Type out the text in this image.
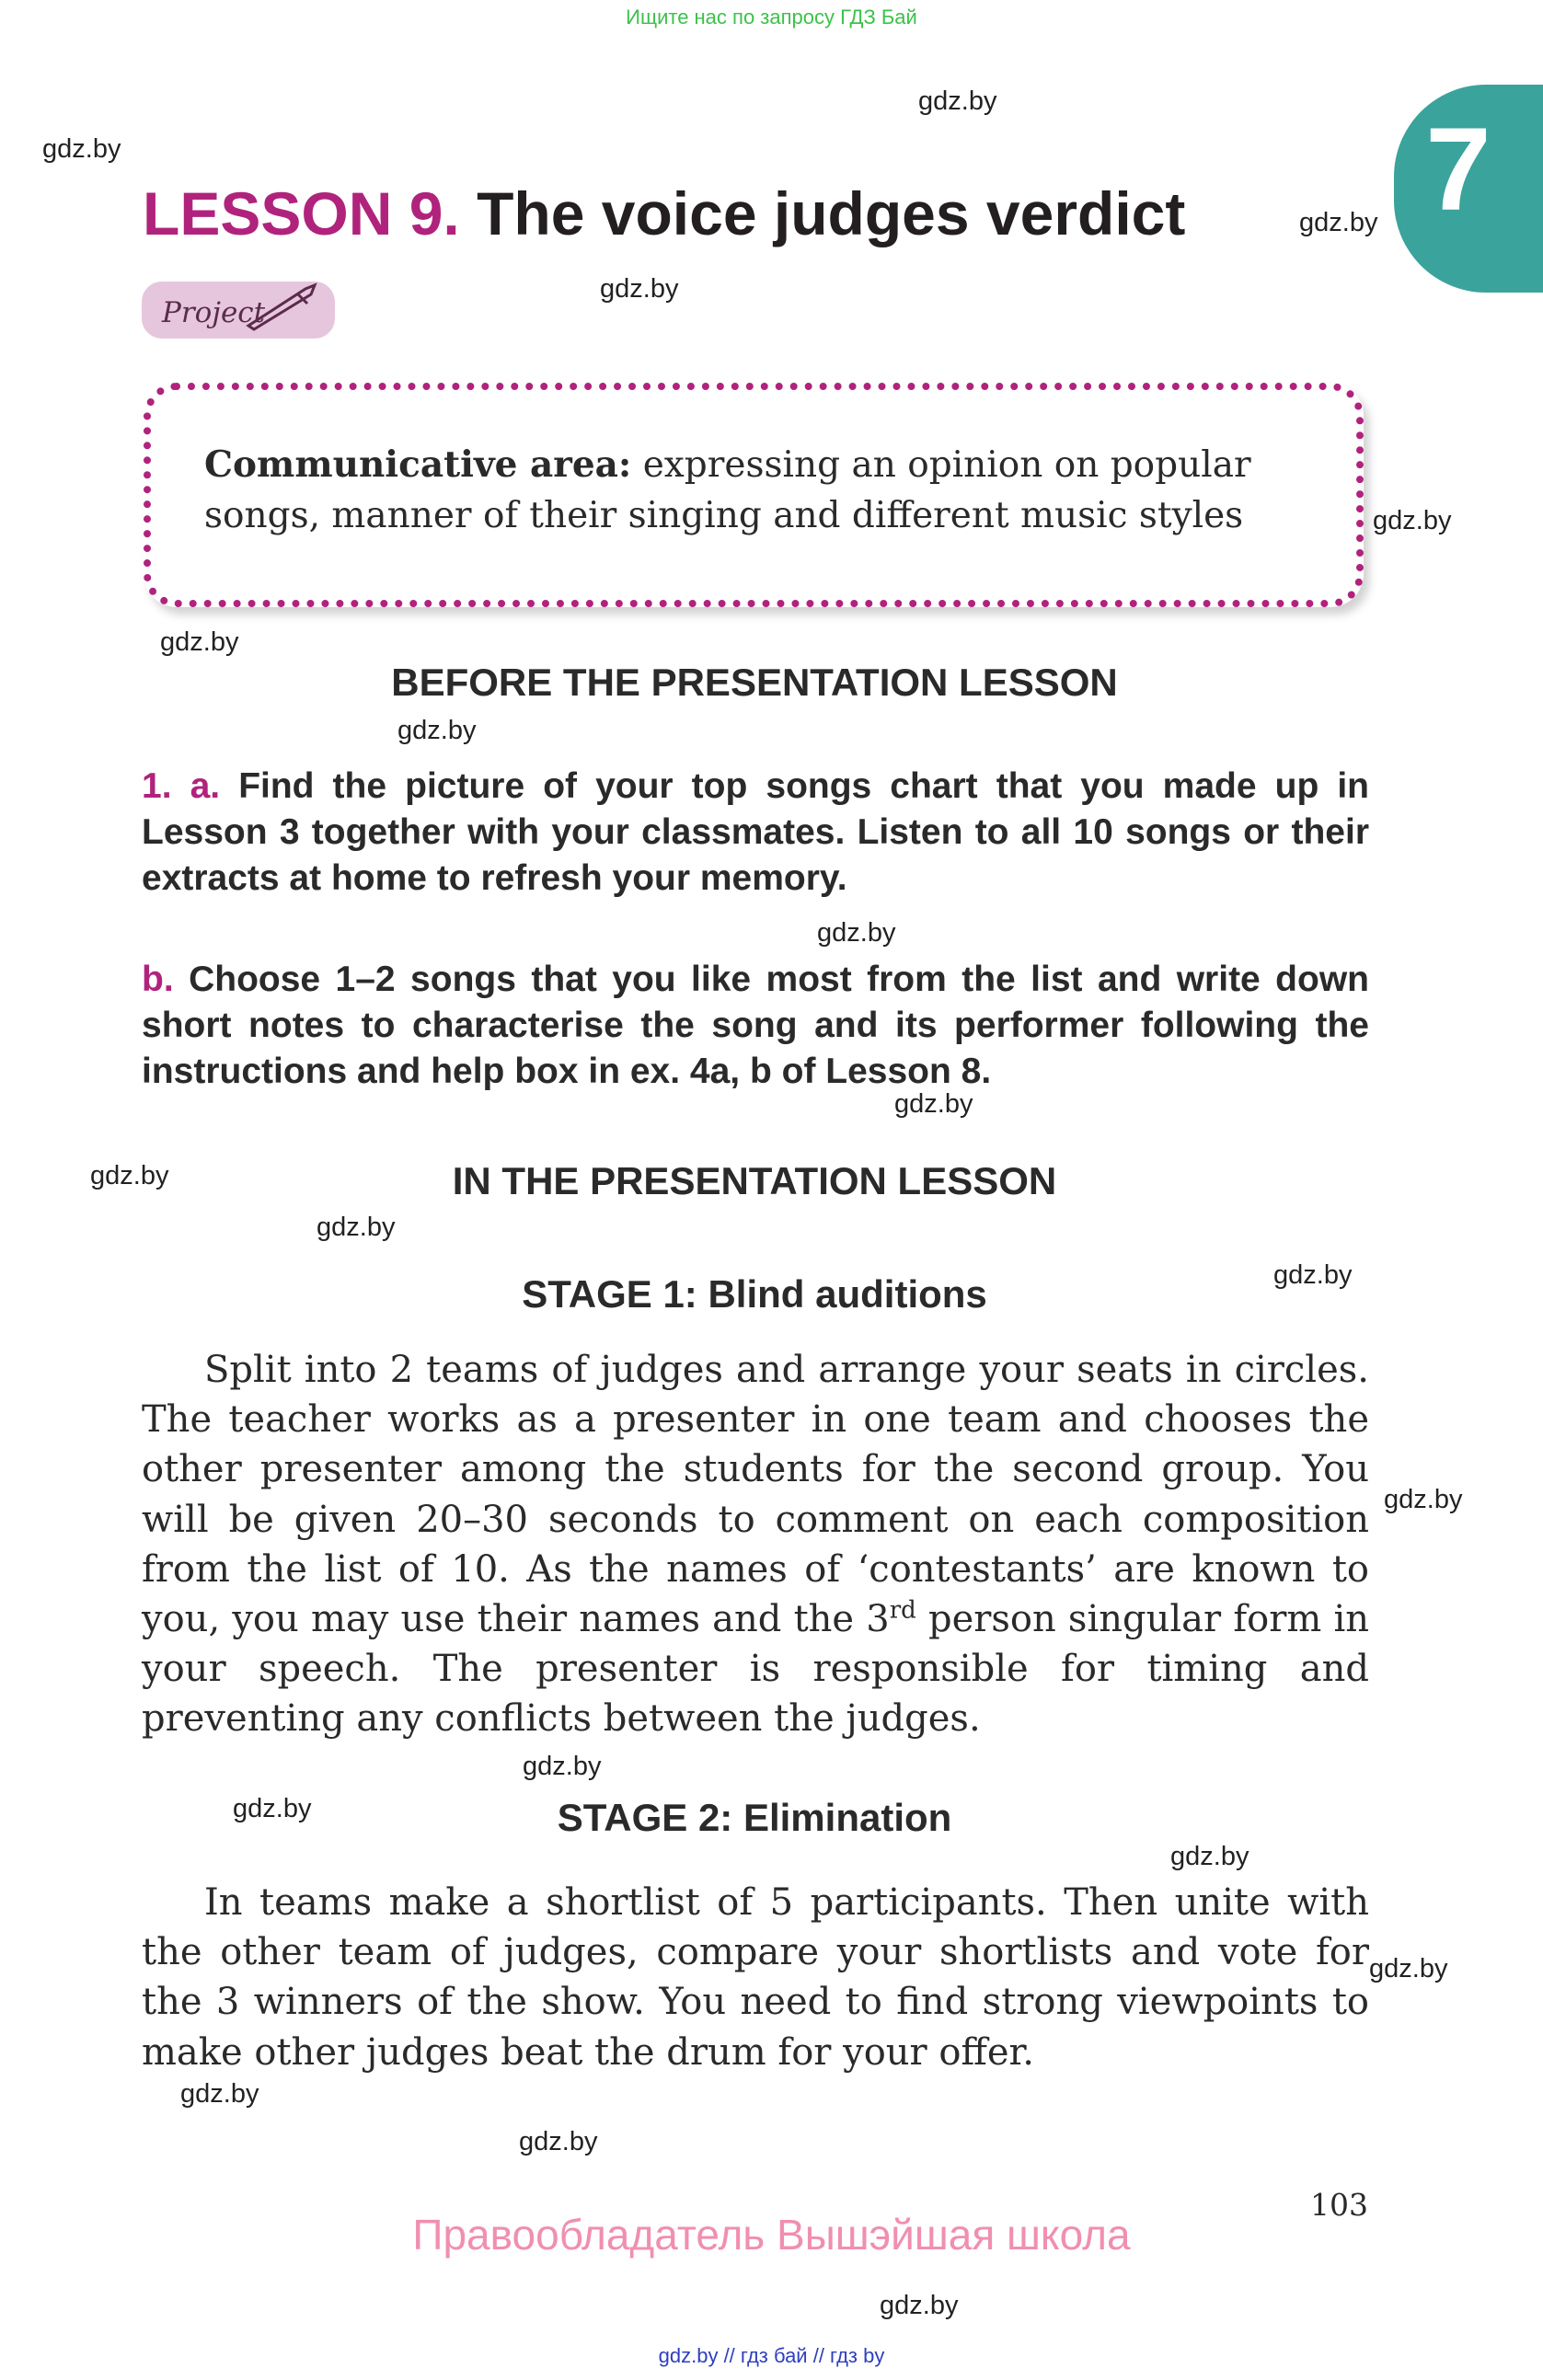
Ищите нас по запросу ГДЗ Бай
7
LESSON 9. The voice judges verdict
Project
Communicative area: expressing an opinion on popular songs, manner of their singing and different music styles
BEFORE THE PRESENTATION LESSON
1. a. Find the picture of your top songs chart that you made up in Lesson 3 together with your classmates. Listen to all 10 songs or their extracts at home to refresh your memory.
b. Choose 1–2 songs that you like most from the list and write down short notes to characterise the song and its performer following the instructions and help box in ex. 4a, b of Lesson 8.
IN THE PRESENTATION LESSON
STAGE 1: Blind auditions
Split into 2 teams of judges and arrange your seats in circles. The teacher works as a presenter in one team and chooses the other presenter among the students for the second group. You will be given 20–30 seconds to comment on each composition from the list of 10. As the names of ‘contestants’ are known to you, you may use their names and the 3rd person singular form in your speech. The presenter is responsible for timing and preventing any conflicts between the judges.
STAGE 2: Elimination
In teams make a shortlist of 5 participants. Then unite with the other team of judges, compare your shortlists and vote for the 3 winners of the show. You need to find strong viewpoints to make other judges beat the drum for your offer.
103
Правообладатель Вышэйшая школа
gdz.by
gdz.by
gdz.by
gdz.by
gdz.by
gdz.by
gdz.by
gdz.by
gdz.by
gdz.by
gdz.by
gdz.by
gdz.by
gdz.by
gdz.by
gdz.by
gdz.by
gdz.by
gdz.by
gdz.by
gdz.by // гдз бай // гдз by
